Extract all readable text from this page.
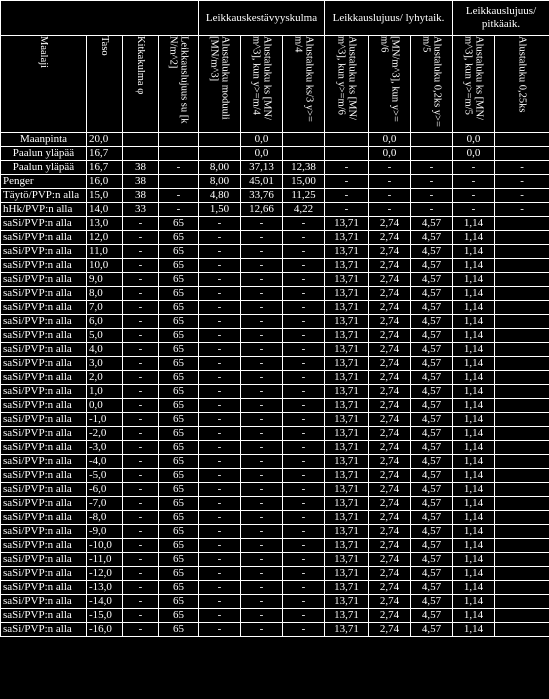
				Leikkauskestävyyskulma			Leikkauslujuus/ lyhytaik.			Leikkauslujuus/ pitkäaik.	
Maalaji	Taso	Kitkakulma φ	Leikkauslujuus su [kN/m^2]	Alustaluku moduuli [MN/m^3]	Alustaluku ks [MN/m^3], kun y>=m/4	Alustaluku ks/3 y>=m/4	Alustaluku ks [MN/m^3], kun y>=m/6	[MN/m^3], kun y>=m/6	Alustaluku 0,2ks y>=m/5	Alustaluku ks [MN/m^3], kun y>=m/5	Alustaluku 0,25ks
Maanpinta	20,0				0,0			0,0		0,0	
Paalun yläpää	16,7				0,0			0,0		0,0	
Paalun yläpää	16,7	38	-	8,00	37,13	12,38	-	-	-	-	-
Penger	16,0	38		8,00	45,01	15,00	-	-	-	-	-
Täytö/PVP:n alla	15,0	38	-	4,80	33,76	11,25	-	-	-	-	-
hHk/PVP:n alla	14,0	33	-	1,50	12,66	4,22	-	-	-	-	-
saSi/PVP:n alla	13,0	-	65	-	-	-	13,71	2,74	4,57	1,14	
saSi/PVP:n alla	12,0	-	65	-	-	-	13,71	2,74	4,57	1,14	
saSi/PVP:n alla	11,0	-	65	-	-	-	13,71	2,74	4,57	1,14	
saSi/PVP:n alla	10,0	-	65	-	-	-	13,71	2,74	4,57	1,14	
saSi/PVP:n alla	9,0	-	65	-	-	-	13,71	2,74	4,57	1,14	
saSi/PVP:n alla	8,0	-	65	-	-	-	13,71	2,74	4,57	1,14	
saSi/PVP:n alla	7,0	-	65	-	-	-	13,71	2,74	4,57	1,14	
saSi/PVP:n alla	6,0	-	65	-	-	-	13,71	2,74	4,57	1,14	
saSi/PVP:n alla	5,0	-	65	-	-	-	13,71	2,74	4,57	1,14	
saSi/PVP:n alla	4,0	-	65	-	-	-	13,71	2,74	4,57	1,14	
saSi/PVP:n alla	3,0	-	65	-	-	-	13,71	2,74	4,57	1,14	
saSi/PVP:n alla	2,0	-	65	-	-	-	13,71	2,74	4,57	1,14	
saSi/PVP:n alla	1,0	-	65	-	-	-	13,71	2,74	4,57	1,14	
saSi/PVP:n alla	0,0	-	65	-	-	-	13,71	2,74	4,57	1,14	
saSi/PVP:n alla	-1,0	-	65	-	-	-	13,71	2,74	4,57	1,14	
saSi/PVP:n alla	-2,0	-	65	-	-	-	13,71	2,74	4,57	1,14	
saSi/PVP:n alla	-3,0	-	65	-	-	-	13,71	2,74	4,57	1,14	
saSi/PVP:n alla	-4,0	-	65	-	-	-	13,71	2,74	4,57	1,14	
saSi/PVP:n alla	-5,0	-	65	-	-	-	13,71	2,74	4,57	1,14	
saSi/PVP:n alla	-6,0	-	65	-	-	-	13,71	2,74	4,57	1,14	
saSi/PVP:n alla	-7,0	-	65	-	-	-	13,71	2,74	4,57	1,14	
saSi/PVP:n alla	-8,0	-	65	-	-	-	13,71	2,74	4,57	1,14	
saSi/PVP:n alla	-9,0	-	65	-	-	-	13,71	2,74	4,57	1,14	
saSi/PVP:n alla	-10,0	-	65	-	-	-	13,71	2,74	4,57	1,14	
saSi/PVP:n alla	-11,0	-	65	-	-	-	13,71	2,74	4,57	1,14	
saSi/PVP:n alla	-12,0	-	65	-	-	-	13,71	2,74	4,57	1,14	
saSi/PVP:n alla	-13,0	-	65	-	-	-	13,71	2,74	4,57	1,14	
saSi/PVP:n alla	-14,0	-	65	-	-	-	13,71	2,74	4,57	1,14	
saSi/PVP:n alla	-15,0	-	65	-	-	-	13,71	2,74	4,57	1,14	
saSi/PVP:n alla	-16,0	-	65	-	-	-	13,71	2,74	4,57	1,14	
